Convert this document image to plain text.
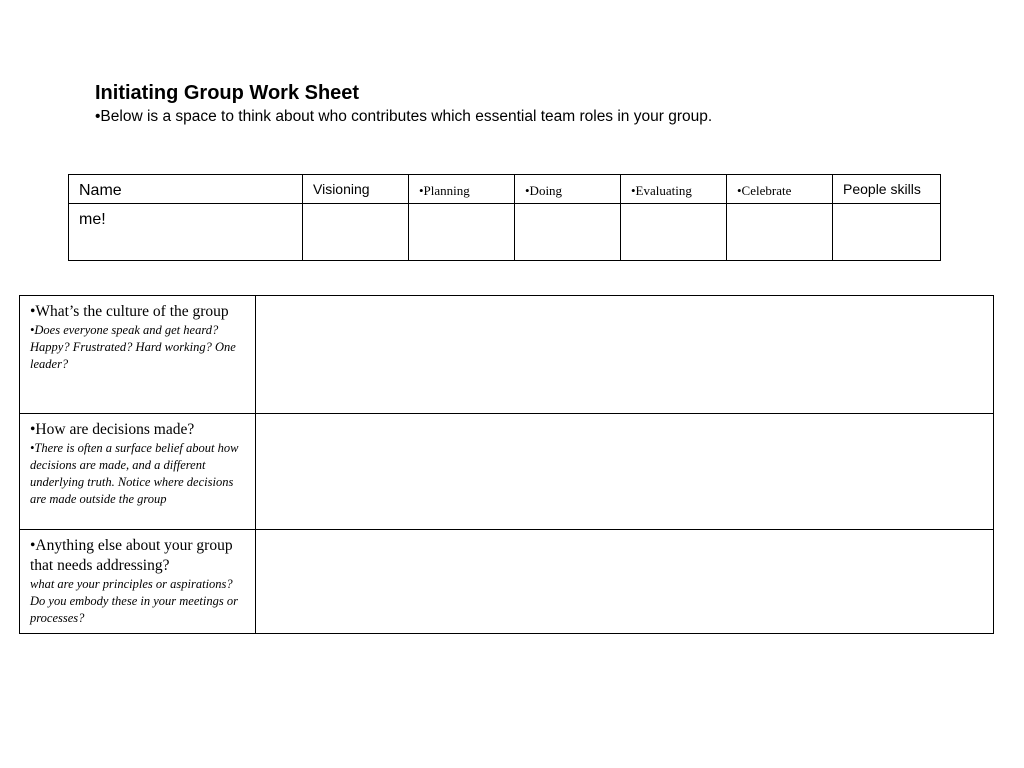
Initiating Group Work Sheet
•Below is a space to think about who contributes which essential team roles in your group.
Name	Visioning	•Planning	•Doing	•Evaluating	•Celebrate	People skills

me!						

•What’s the culture of the group
•Does everyone speak and get heard? Happy? Frustrated? Hard working? One leader?	

•How are decisions made?
•There is often a surface belief about how decisions are made, and a different underlying truth. Notice where decisions are made outside the group	

•Anything else about your group that needs addressing?
what are your principles or aspirations? Do you embody these in your meetings or processes?	
